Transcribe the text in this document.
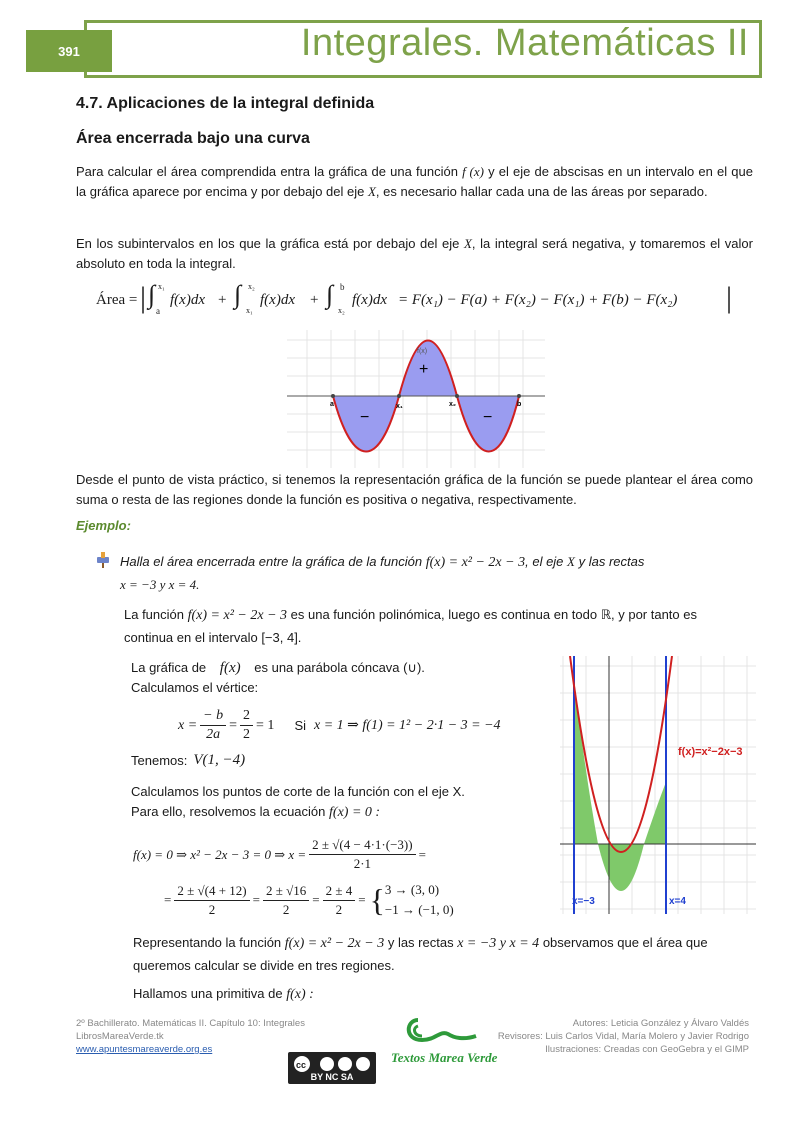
391	Integrales. Matemáticas II
4.7. Aplicaciones de la integral definida
Área encerrada bajo una curva

Para calcular el área comprendida entra la gráfica de una función f (x) y el eje de abscisas en un intervalo en el que la gráfica aparece por encima y por debajo del eje X, es necesario hallar cada una de las áreas por separado.

En los subintervalos en los que la gráfica está por debajo del eje X, la integral será negativa, y tomaremos el valor absoluto en toda la integral.

Área = | ∫ x₁
a
f(x)dx + ∫ x₂
x₁
f(x)dx + ∫ b
x₂
f(x)dx = F(x₁) − F(a) + F(x₂) − F(x₁) + F(b) − F(x₂) |
a	x₁	x₂	b
f(x)
+
−	−

Desde el punto de vista práctico, si tenemos la representación gráfica de la función se puede plantear el área como suma o resta de las regiones donde la función es positiva o negativa, respectivamente.

Ejemplo:
Halla el área encerrada entre la gráfica de la función f(x) = x² − 2x − 3, el eje X y las rectas
x = −3 y x = 4.
La función f(x) = x² − 2x − 3 es una función polinómica, luego es continua en todo ℝ, y por tanto es continua en el intervalo [−3, 4].
La gráfica de f(x) es una parábola cóncava (∪).
Calculamos el vértice:
$x = \frac{- b}{2a} = \frac{2}{2} = 1$ Si x = 1 ⇒ f(1) = 1² − 2·1 − 3 = −4
Tenemos: V(1, −4)
Calculamos los puntos de corte de la función con el eje X.
Para ello, resolvemos la ecuación f(x) = 0 :
f(x) = 0 ⇒ x² − 2x − 3 = 0 ⇒ $x = \frac{2 \pm √(4 - 4\cdot 1\cdot(-3))}{2\cdot 1}$ =
= $\frac{2 \pm √(4 + 12)}{2} = \frac{2 \pm √16}{2} = \frac{2 \pm 4}{2}$ = { 3 → (3, 0)
−1 → (−1, 0)
Representando la función f(x) = x² − 2x − 3 y las rectas x = −3 y x = 4 observamos que el área que queremos calcular se divide en tres regiones.
Hallamos una primitiva de f(x) :
f(x)=x²−2x−3
x=−3	x=4
2º Bachillerato. Matemáticas II. Capítulo 10: Integrales
LibrosMareaVerde.tk
www.apuntesmareaverde.org.es
Autores: Leticia González y Álvaro Valdés
Revisores: Luis Carlos Vidal, María Molero y Javier Rodrigo
Ilustraciones: Creadas con GeoGebra y el GIMP
cc
BY NC SA
Textos Marea Verde
